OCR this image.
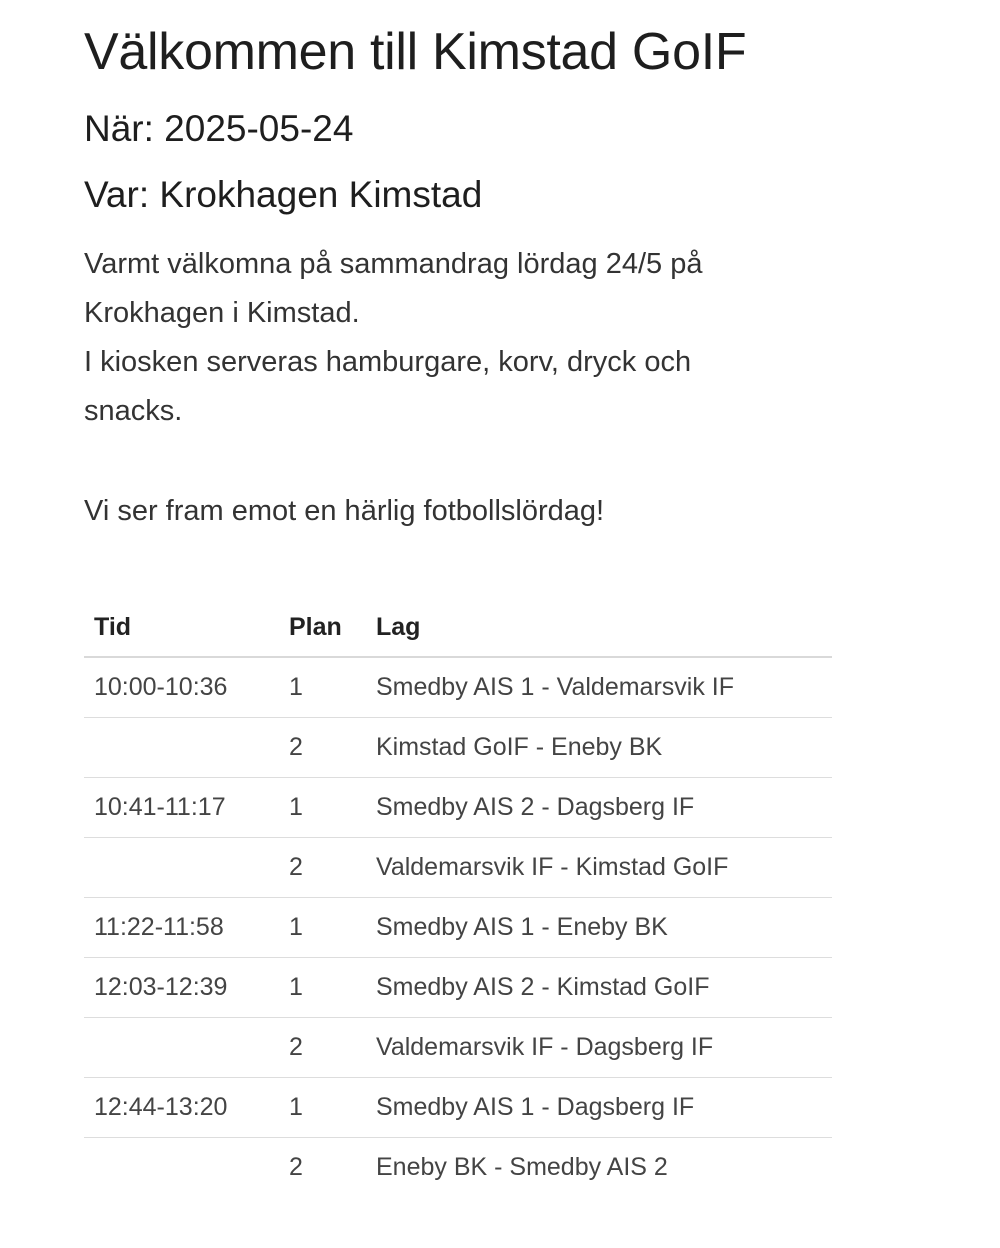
Välkommen till Kimstad GoIF
När: 2025-05-24
Var: Krokhagen Kimstad

Varmt välkomna på sammandrag lördag 24/5 på
Krokhagen i Kimstad.
I kiosken serveras hamburgare, korv, dryck och
snacks.

Vi ser fram emot en härlig fotbollslördag!

Tid	Plan	Lag
10:00-10:36	1	Smedby AIS 1 - Valdemarsvik IF
	2	Kimstad GoIF - Eneby BK
10:41-11:17	1	Smedby AIS 2 - Dagsberg IF
	2	Valdemarsvik IF - Kimstad GoIF
11:22-11:58	1	Smedby AIS 1 - Eneby BK
12:03-12:39	1	Smedby AIS 2 - Kimstad GoIF
	2	Valdemarsvik IF - Dagsberg IF
12:44-13:20	1	Smedby AIS 1 - Dagsberg IF
	2	Eneby BK - Smedby AIS 2
